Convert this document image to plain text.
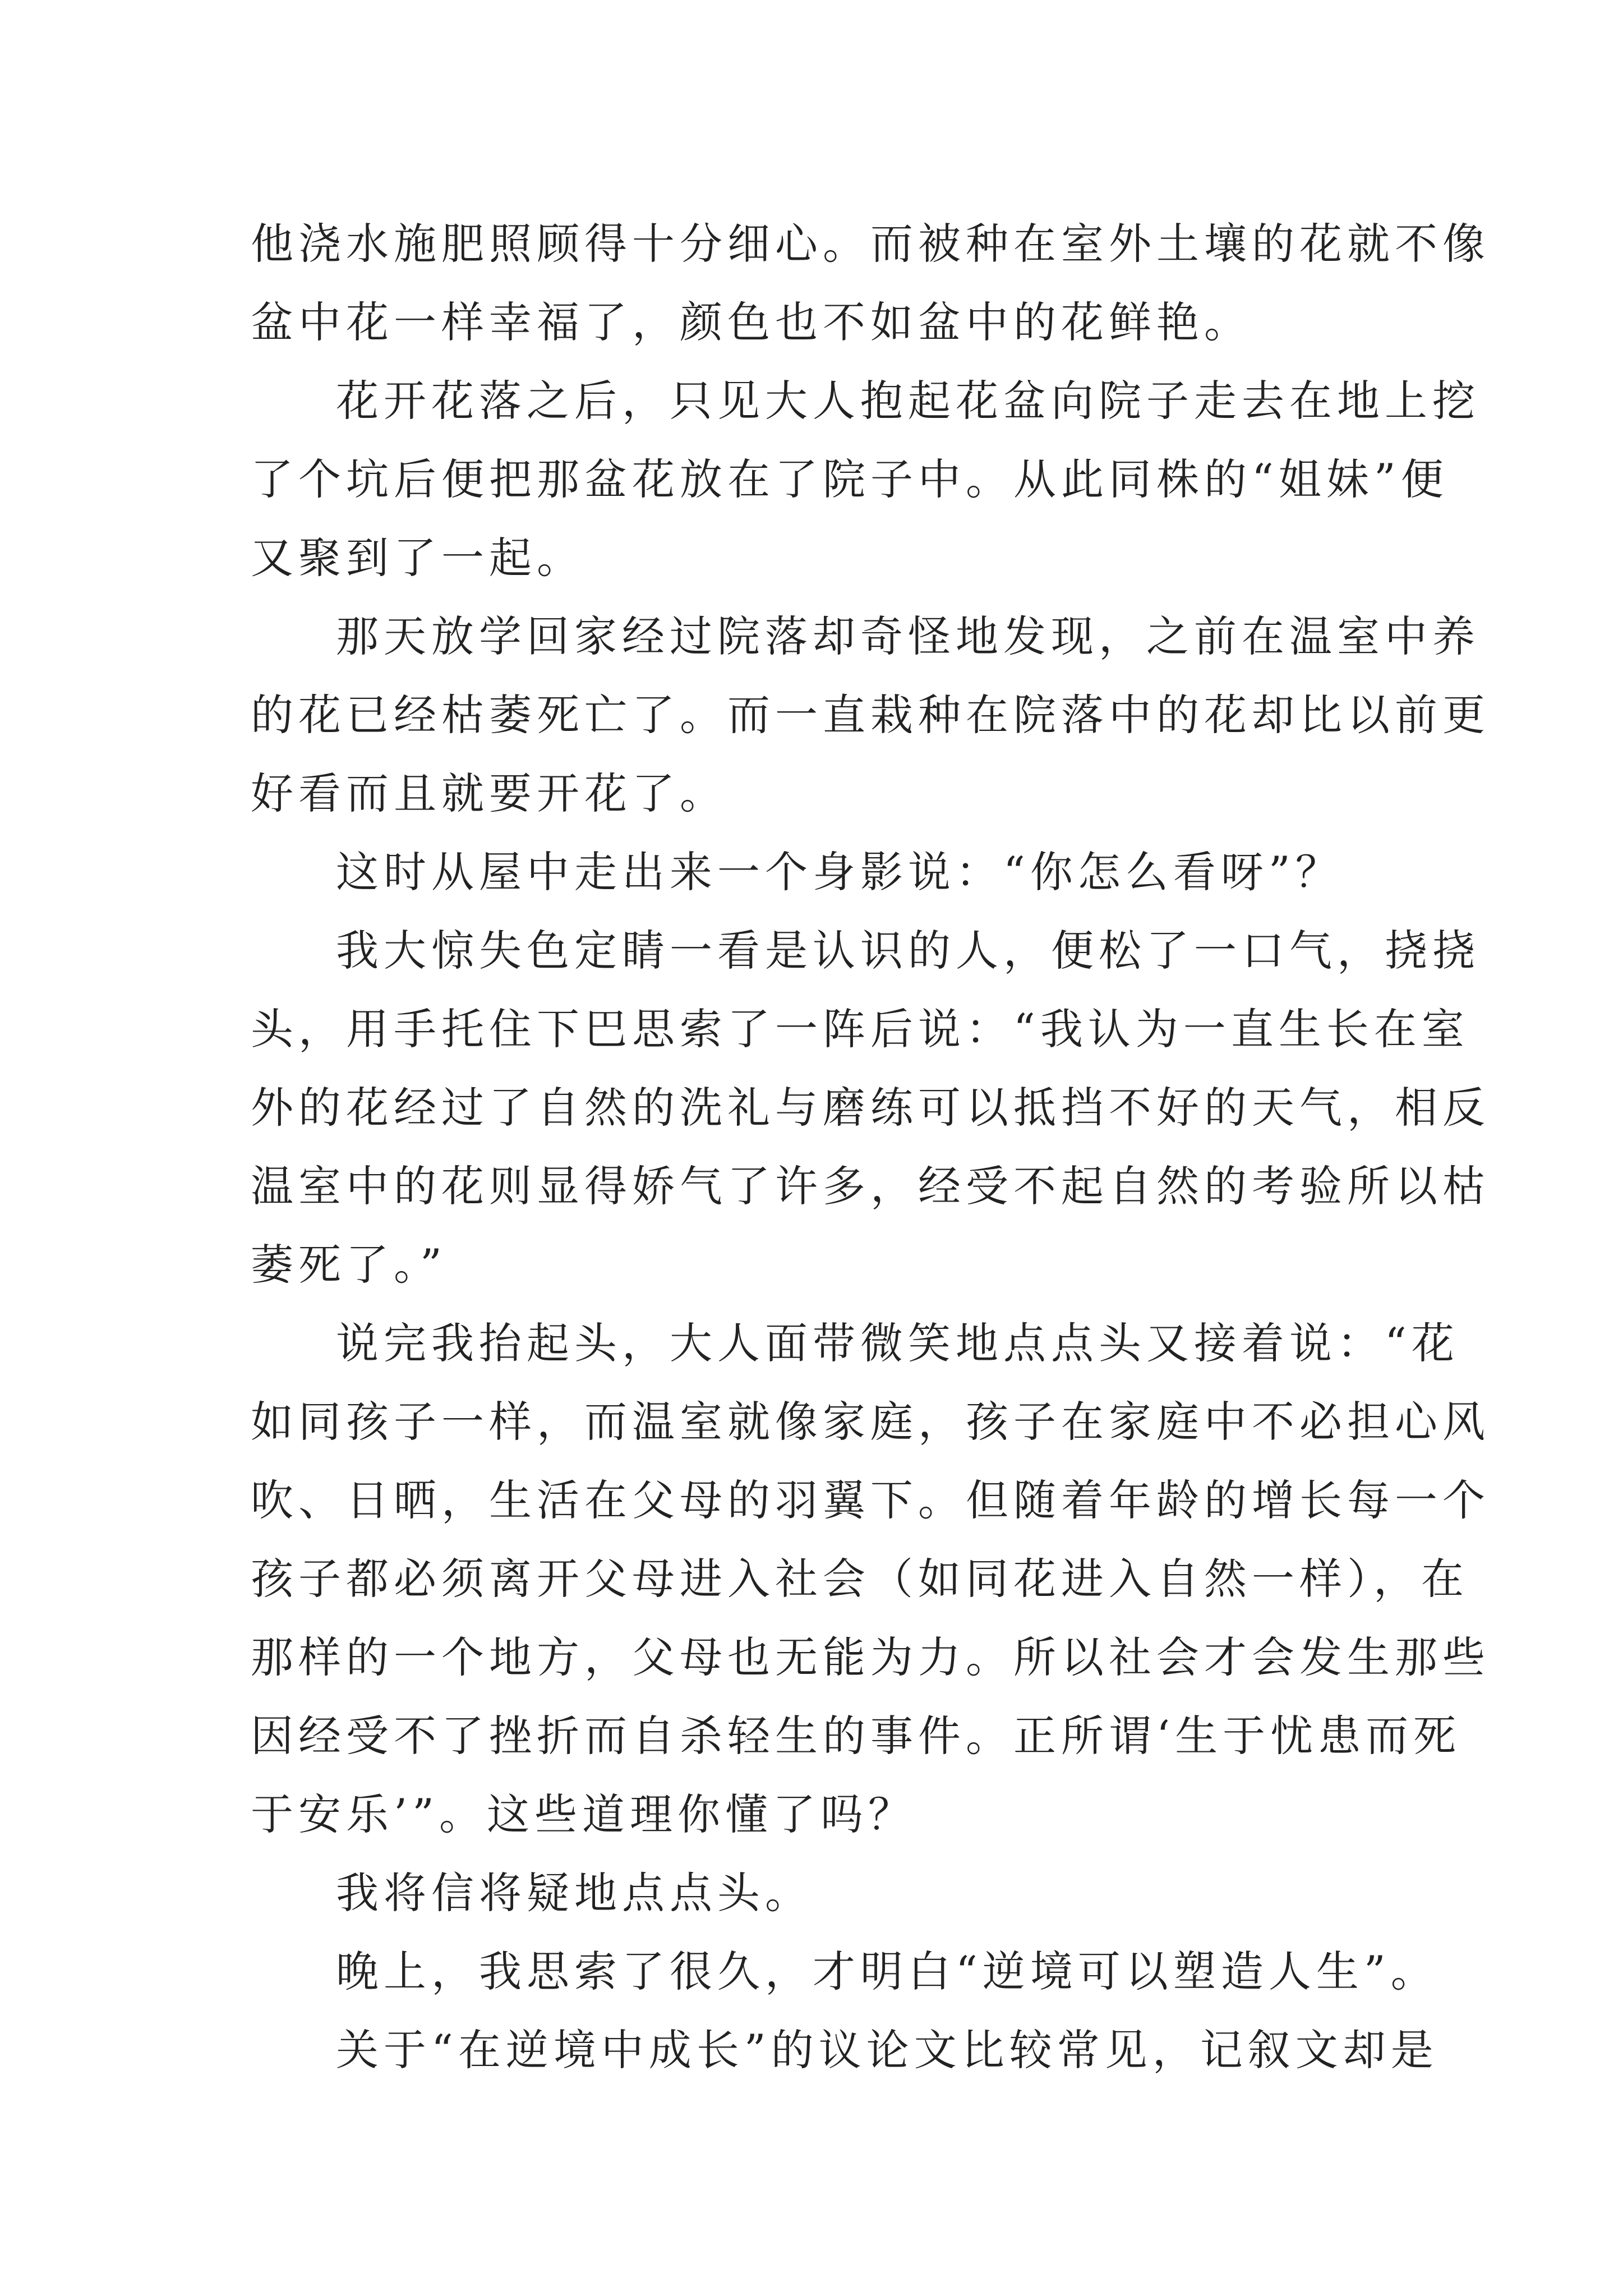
他浇水施肥照顾得十分细心。而被种在室外土壤的花就不像
盆中花一样幸福了，颜色也不如盆中的花鲜艳。
花开花落之后，只见大人抱起花盆向院子走去在地上挖
了个坑后便把那盆花放在了院子中。从此同株的“姐妹”便
又聚到了一起。
那天放学回家经过院落却奇怪地发现，之前在温室中养
的花已经枯萎死亡了。而一直栽种在院落中的花却比以前更
好看而且就要开花了。
这时从屋中走出来一个身影说：“你怎么看呀”？
我大惊失色定睛一看是认识的人，便松了一口气，挠挠
头，用手托住下巴思索了一阵后说：“我认为一直生长在室
外的花经过了自然的洗礼与磨练可以抵挡不好的天气，相反
温室中的花则显得娇气了许多，经受不起自然的考验所以枯
萎死了。”
说完我抬起头，大人面带微笑地点点头又接着说：“花
如同孩子一样，而温室就像家庭，孩子在家庭中不必担心风
吹、日晒，生活在父母的羽翼下。但随着年龄的增长每一个
孩子都必须离开父母进入社会（如同花进入自然一样），在
那样的一个地方，父母也无能为力。所以社会才会发生那些
因经受不了挫折而自杀轻生的事件。正所谓‘生于忧患而死
于安乐’”。这些道理你懂了吗？
我将信将疑地点点头。
晚上，我思索了很久，才明白“逆境可以塑造人生”。
关于“在逆境中成长”的议论文比较常见，记叙文却是
